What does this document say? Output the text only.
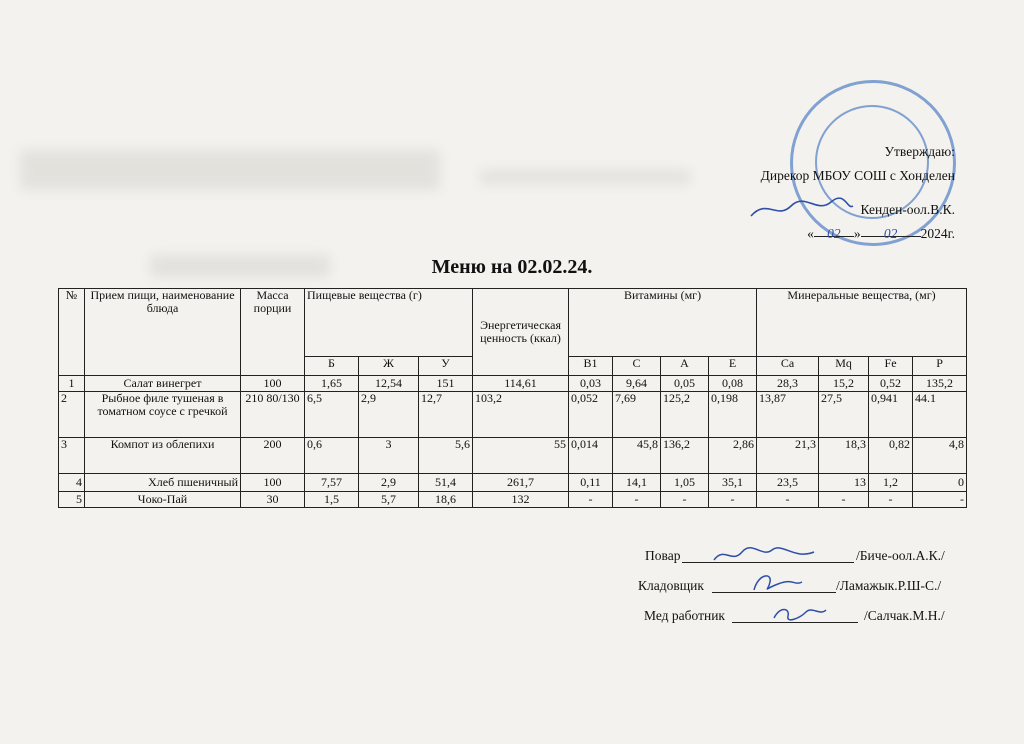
Утверждаю:
Дирекор МБОУ СОШ с Хонделен
Кенден-оол.В.К.
« 02 » 02 2024г.
Меню на 02.02.24.
№	Прием пищи, наименование блюда	Масса порции	Пищевые вещества (г)			Энергетическая ценность (ккал)	Витамины (мг)				Минеральные вещества, (мг)			
			Б	Ж	У		B1	C	A	E	Ca	Mq	Fe	P
1	Салат винегрет	100	1,65	12,54	151	114,61	0,03	9,64	0,05	0,08	28,3	15,2	0,52	135,2
2	Рыбное филе тушеная в томатном соусе с гречкой	210 80/130	6,5	2,9	12,7	103,2	0,052	7,69	125,2	0,198	13,87	27,5	0,941	44.1
3	Компот из облепихи	200	0,6	3	5,6	55	0,014	45,8	136,2	2,86	21,3	18,3	0,82	4,8
4	Хлеб пшеничный	100	7,57	2,9	51,4	261,7	0,11	14,1	1,05	35,1	23,5	13	1,2	0
5	Чоко-Пай	30	1,5	5,7	18,6	132	-	-	-	-	-	-	-	-
Повар	/Биче-оол.А.К./
Кладовщик	/Ламажык.Р.Ш-С./
Мед работник	/Салчак.М.Н./
